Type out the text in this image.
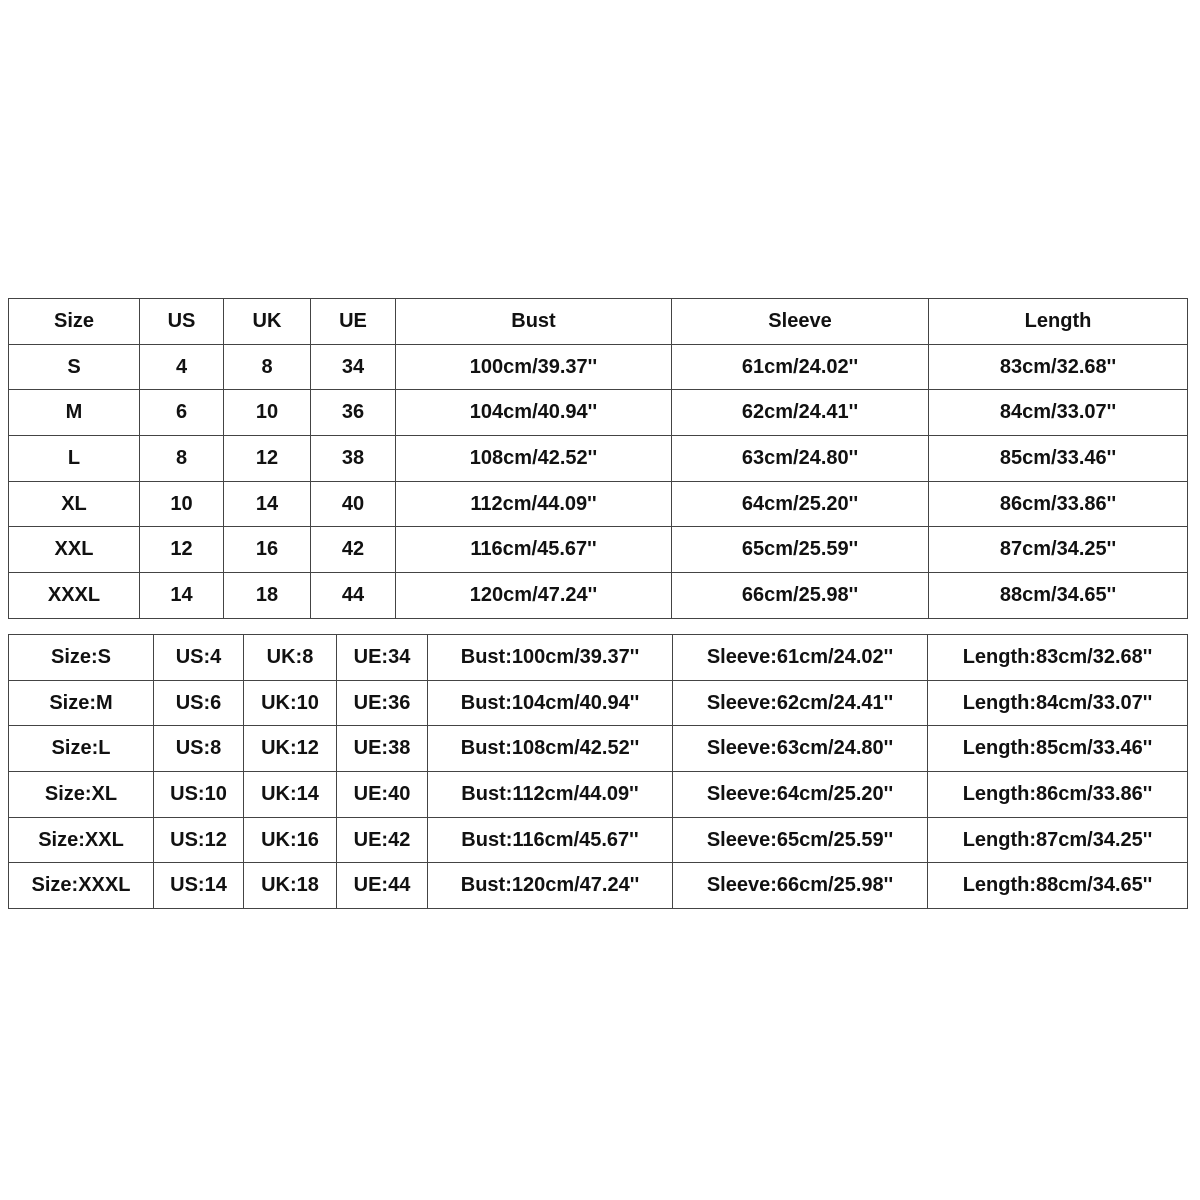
Size	US	UK	UE	Bust	Sleeve	Length
S	4	8	34	100cm/39.37''	61cm/24.02''	83cm/32.68''
M	6	10	36	104cm/40.94''	62cm/24.41''	84cm/33.07''
L	8	12	38	108cm/42.52''	63cm/24.80''	85cm/33.46''
XL	10	14	40	112cm/44.09''	64cm/25.20''	86cm/33.86''
XXL	12	16	42	116cm/45.67''	65cm/25.59''	87cm/34.25''
XXXL	14	18	44	120cm/47.24''	66cm/25.98''	88cm/34.65''
Size:S	US:4	UK:8	UE:34	Bust:100cm/39.37''	Sleeve:61cm/24.02''	Length:83cm/32.68''
Size:M	US:6	UK:10	UE:36	Bust:104cm/40.94''	Sleeve:62cm/24.41''	Length:84cm/33.07''
Size:L	US:8	UK:12	UE:38	Bust:108cm/42.52''	Sleeve:63cm/24.80''	Length:85cm/33.46''
Size:XL	US:10	UK:14	UE:40	Bust:112cm/44.09''	Sleeve:64cm/25.20''	Length:86cm/33.86''
Size:XXL	US:12	UK:16	UE:42	Bust:116cm/45.67''	Sleeve:65cm/25.59''	Length:87cm/34.25''
Size:XXXL	US:14	UK:18	UE:44	Bust:120cm/47.24''	Sleeve:66cm/25.98''	Length:88cm/34.65''
